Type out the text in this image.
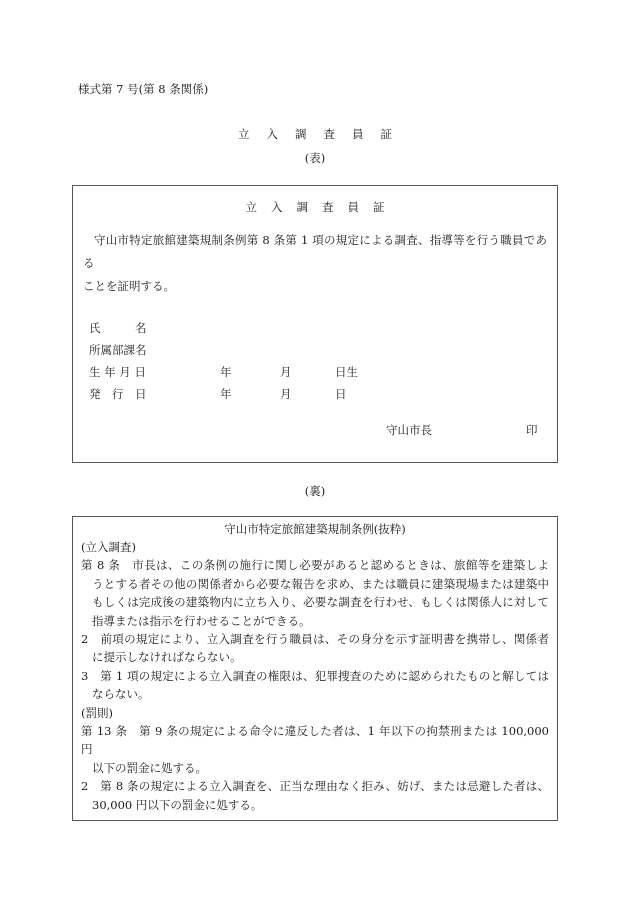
様式第 7 号(第 8 条関係)
立入調査員証
(表)
立入調査員証
守山市特定旅館建築規制条例第 8 条第 1 項の規定による調査、指導等を行う職員である
ことを証明する。
氏　　　名
所属部課名
生 年 月 日	年	月	日生
発　行　日	年	月	日
守山市長	印
(裏)
守山市特定旅館建築規制条例(抜粋)
(立入調査)
第 8 条　市長は、この条例の施行に関し必要があると認めるときは、旅館等を建築しよ
うとする者その他の関係者から必要な報告を求め、または職員に建築現場または建築中
もしくは完成後の建築物内に立ち入り、必要な調査を行わせ、もしくは関係人に対して
指導または指示を行わせることができる。
2　前項の規定により、立入調査を行う職員は、その身分を示す証明書を携帯し、関係者
に提示しなければならない。
3　第 1 項の規定による立入調査の権限は、犯罪捜査のために認められたものと解しては
ならない。
(罰則)
第 13 条　第 9 条の規定による命令に違反した者は、1 年以下の拘禁刑または 100,000 円
以下の罰金に処する。
2　第 8 条の規定による立入調査を、正当な理由なく拒み、妨げ、または忌避した者は、
30,000 円以下の罰金に処する。
